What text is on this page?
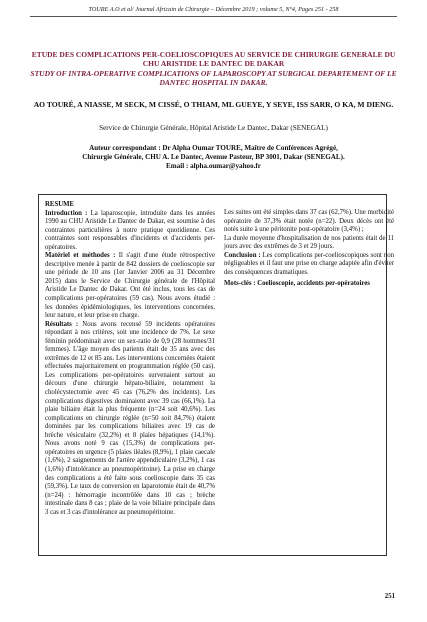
TOURE A.O et al/ Journal Africain de Chirurgie – Décembre 2019 ; volume 5, N°4, Pages 251 - 258
ETUDE DES COMPLICATIONS PER-COELIOSCOPIQUES AU SERVICE DE CHIRURGIE GENERALE DU CHU ARISTIDE LE DANTEC DE DAKAR
STUDY OF INTRA-OPERATIVE COMPLICATIONS OF LAPAROSCOPY AT SURGICAL DEPARTEMENT OF LE DANTEC HOSPITAL IN DAKAR.
AO TOURÉ, A NIASSE, M SECK, M CISSÉ, O THIAM, ML GUEYE, Y SEYE, ISS SARR, O KA, M DIENG.
Service de Chirurgie Générale, Hôpital Aristide Le Dantec, Dakar (SENEGAL)
Auteur correspondant : Dr Alpha Oumar TOURE, Maître de Conférences Agrégé,
Chirurgie Générale, CHU A. Le Dantec, Avenue Pasteur, BP 3001, Dakar (SENEGAL).
Email : alpha.oumar@yahoo.fr

RESUME

Introduction : La laparoscopie, introduite dans les années 1990 au CHU Aristide Le Dantec de Dakar, est soumise à des contraintes particulières à notre pratique quotidienne. Ces contraintes sont responsables d'incidents et d'accidents per-opératoires.

Matériel et méthodes : Il s'agit d'une étude rétrospective descriptive menée à partir de 842 dossiers de coelioscopie sur une période de 10 ans (1er Janvier 2006 au 31 Décembre 2015) dans le Service de Chirurgie générale de l'Hôpital Aristide Le Dantec de Dakar. Ont été inclus, tous les cas de complications per-opératoires (59 cas). Nous avons étudié : les données épidémiologiques, les interventions concernées, leur nature, et leur prise en charge.

Résultats : Nous avons recensé 59 incidents opératoires répondant à nos critères, soit une incidence de 7%. Le sexe féminin prédominait avec un sex-ratio de 0,9 (28 hommes/31 femmes). L'âge moyen des patients était de 35 ans avec des extrêmes de 12 et 85 ans. Les interventions concernées étaient effectuées majoritairement en programmation réglée (50 cas). Les complications per-opératoires survenaient surtout au décours d'une chirurgie hépato-biliaire, notamment la cholécystectomie avec 45 cas (76,2% des incidents). Les complications digestives dominaient avec 39 cas (66,1%). La plaie biliaire était la plus fréquente (n=24 soit 40,6%). Les complications en chirurgie réglée (n=50 soit 84,7%) étaient dominées par les complications biliaires avec 19 cas de brèche vésiculaire (32,2%) et 8 plaies hépatiques (14,1%). Nous avons noté 9 cas (15,3%) de complications per-opératoires en urgence (5 plaies iléales (8,9%), 1 plaie caecale (1,6%), 2 saignements de l'artère appendiculaire (3,2%), 1 cas (1,6%) d'intolérance au pneumopéritoine). La prise en charge des complications a été faite sous coelioscopie dans 35 cas (59,3%). Le taux de conversion en laparotomie était de 40,7% (n=24) : hémorragie incontrôlée dans 10 cas ; brèche intestinale dans 8 cas ; plaie de la voie biliaire principale dans 3 cas et 3 cas d'intolérance au pneumopéritoine.

Les suites ont été simples dans 37 cas (62,7%). Une morbidité opératoire de 37,3% était notée (n=22). Deux décès ont été notés suite à une péritonite post-opératoire (3,4%) ;

La durée moyenne d'hospitalisation de nos patients était de 11 jours avec des extrêmes de 3 et 29 jours.

Conclusion : Les complications per-coelioscopiques sont non négligeables et il faut une prise en charge adaptée afin d'éviter des conséquences dramatiques.

Mots-clés : Coelioscopie, accidents per-opératoires

251
